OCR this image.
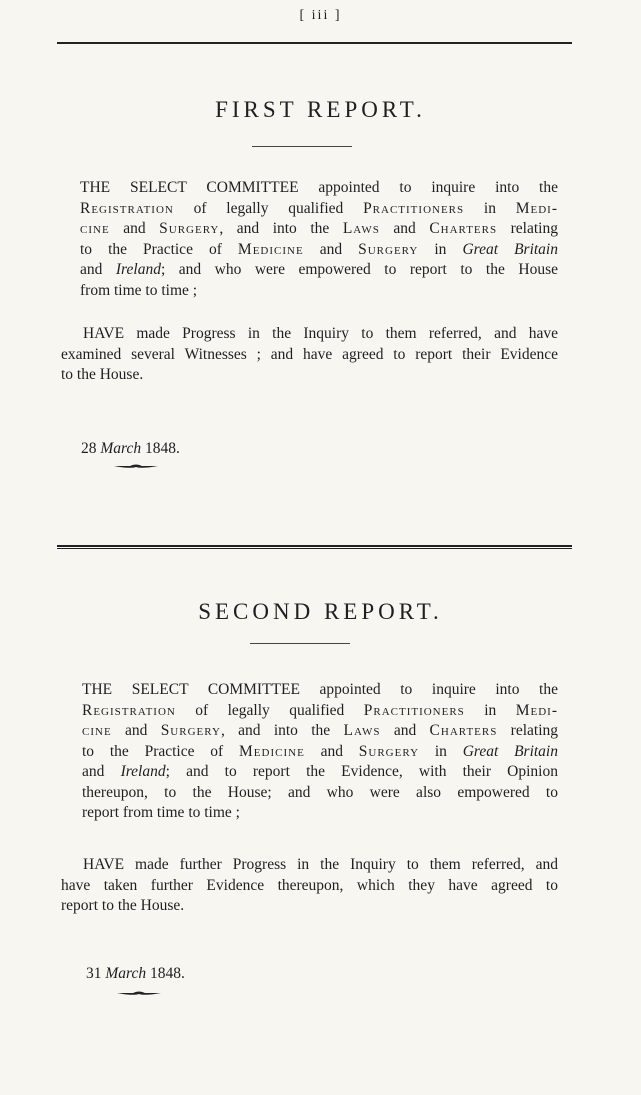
[ iii ]
FIRST REPORT.
THE SELECT COMMITTEE appointed to inquire into the
Registration of legally qualified Practitioners in Medi-
cine and Surgery, and into the Laws and Charters relating
to the Practice of Medicine and Surgery in Great Britain
and Ireland; and who were empowered to report to the House
from time to time ;
HAVE made Progress in the Inquiry to them referred, and have
examined several Witnesses ; and have agreed to report their Evidence
to the House.
28 March 1848.
SECOND REPORT.
THE SELECT COMMITTEE appointed to inquire into the
Registration of legally qualified Practitioners in Medi-
cine and Surgery, and into the Laws and Charters relating
to the Practice of Medicine and Surgery in Great Britain
and Ireland; and to report the Evidence, with their Opinion
thereupon, to the House; and who were also empowered to
report from time to time ;
HAVE made further Progress in the Inquiry to them referred, and
have taken further Evidence thereupon, which they have agreed to
report to the House.
31 March 1848.
